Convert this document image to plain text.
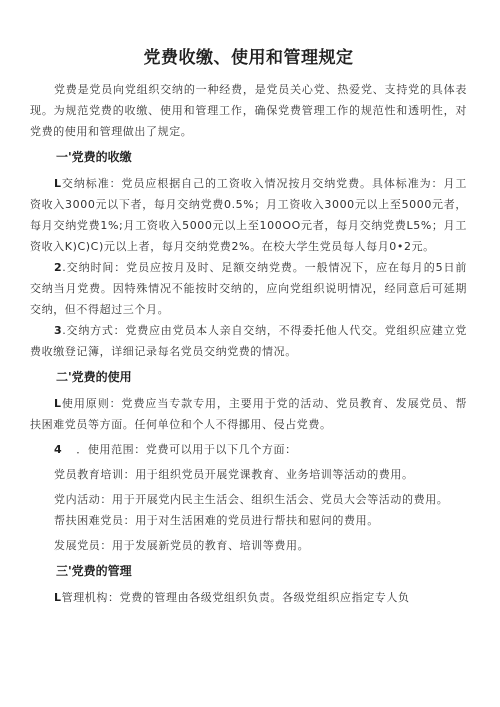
党费收缴、使用和管理规定

党费是党员向党组织交纳的一种经费，是党员关心党、热爱党、支持党的具体表现。为规范党费的收缴、使用和管理工作，确保党费管理工作的规范性和透明性，对党费的使用和管理做出了规定。

一'党费的收缴

L交纳标准：党员应根据自己的工资收入情况按月交纳党费。具体标准为：月工资收入3000元以下者，每月交纳党费0.5%；月工资收入3000元以上至5000元者，每月交纳党费1%;月工资收入5000元以上至100OO元者，每月交纳党费L5%；月工资收入K)C)C)元以上者，每月交纳党费2%。在校大学生党员每人每月0•2元。

2.交纳时间：党员应按月及时、足额交纳党费。一般情况下，应在每月的5日前交纳当月党费。因特殊情况不能按时交纳的，应向党组织说明情况，经同意后可延期交纳，但不得超过三个月。

3.交纳方式：党费应由党员本人亲自交纳，不得委托他人代交。党组织应建立党费收缴登记簿，详细记录每名党员交纳党费的情况。

二'党费的使用

L使用原则：党费应当专款专用，主要用于党的活动、党员教育、发展党员、帮扶困难党员等方面。任何单位和个人不得挪用、侵占党费。

4 ．使用范围：党费可以用于以下几个方面：

党员教育培训：用于组织党员开展党课教育、业务培训等活动的费用。

党内活动：用于开展党内民主生活会、组织生活会、党员大会等活动的费用。

帮扶困难党员：用于对生活困难的党员进行帮扶和慰问的费用。

发展党员：用于发展新党员的教育、培训等费用。

三'党费的管理

L管理机构：党费的管理由各级党组织负责。各级党组织应指定专人负
